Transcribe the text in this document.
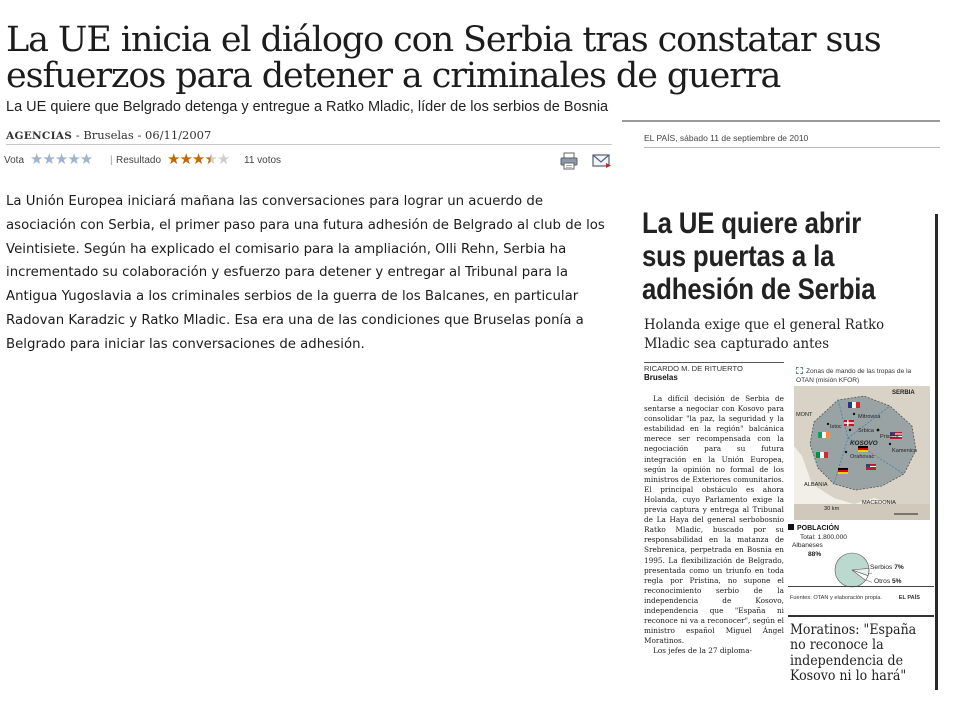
La UE inicia el diálogo con Serbia tras constatar sus esfuerzos para detener a criminales de guerra
La UE quiere que Belgrado detenga y entregue a Ratko Mladic, líder de los serbios de Bosnia
AGENCIAS - Bruselas - 06/11/2007
Vota ★★★★★ | Resultado ★★★★★ 11 votos
La Unión Europea iniciará mañana las conversaciones para lograr un acuerdo de asociación con Serbia, el primer paso para una futura adhesión de Belgrado al club de los Veintisiete. Según ha explicado el comisario para la ampliación, Olli Rehn, Serbia ha incrementado su colaboración y esfuerzo para detener y entregar al Tribunal para la Antigua Yugoslavia a los criminales serbios de la guerra de los Balcanes, en particular Radovan Karadzic y Ratko Mladic. Esa era una de las condiciones que Bruselas ponía a Belgrado para iniciar las conversaciones de adhesión.
EL PAÍS, sábado 11 de septiembre de 2010
La UE quiere abrir sus puertas a la adhesión de Serbia
Holanda exige que el general Ratko Mladic sea capturado antes
RICARDO M. DE RITUERTO
Bruselas

La difícil decisión de Serbia de sentarse a negociar con Kosovo para consolidar "la paz, la seguridad y la estabilidad en la región" balcánica merece ser recompensada con la negociación para su futura integración en la Unión Europea, según la opinión no formal de los ministros de Exteriores comunitarios. El principal obstáculo es ahora Holanda, cuyo Parlamento exige la previa captura y entrega al Tribunal de La Haya del general serbobosnio Ratko Mladic, buscado por su responsabilidad en la matanza de Srebrenica, perpetrada en Bosnia en 1995. La flexibilización de Belgrado, presentada como un triunfo en toda regla por Pristina, no supone el reconocimiento serbio de la independencia de Kosovo, independencia que "España ni reconoce ni va a reconocer", según el ministro español Miguel Ángel Moratinos.

Los jefes de la 27 diploma-

Zonas de mando de las tropas de la OTAN (misión KFOR)
SERBIA
MONT	Mitrovica
Srbica
Istoc
KOSOVO
Pristina
Kamenica
Orahovac
ALBANIA
MACEDONIA
30 km
POBLACIÓN
Total: 1.800.000
Albaneses
88%
Serbios 7%
Otros 5%
Fuentes: OTAN y elaboración propia.	EL PAÍS
Moratinos: "España no reconoce la independencia de Kosovo ni lo hará"
